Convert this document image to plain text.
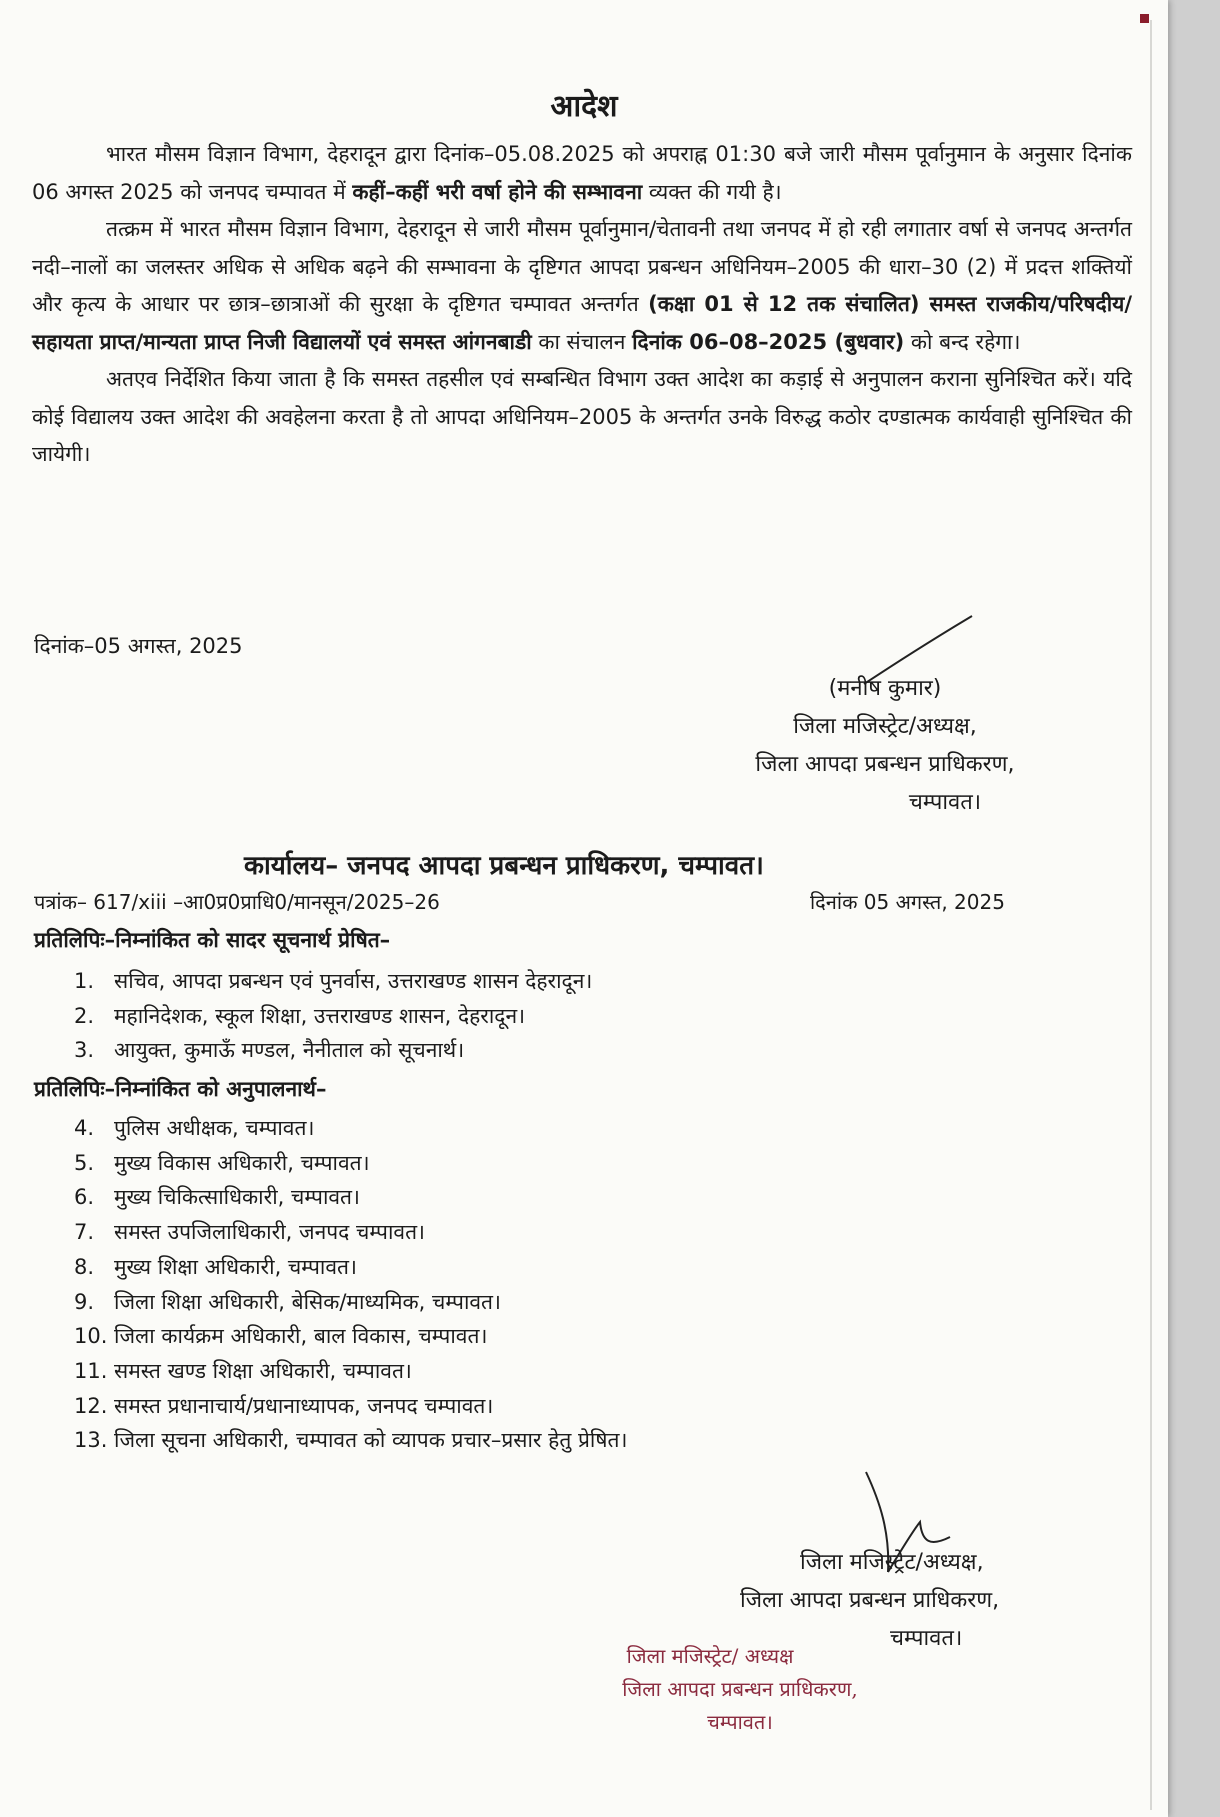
आदेश

भारत मौसम विज्ञान विभाग, देहरादून द्वारा दिनांक–05.08.2025 को अपराह्न 01:30 बजे जारी मौसम पूर्वानुमान के अनुसार दिनांक 06 अगस्त 2025 को जनपद चम्पावत में कहीं–कहीं भरी वर्षा होने की सम्भावना व्यक्त की गयी है।

तत्क्रम में भारत मौसम विज्ञान विभाग, देहरादून से जारी मौसम पूर्वानुमान/चेतावनी तथा जनपद में हो रही लगातार वर्षा से जनपद अन्तर्गत नदी–नालों का जलस्तर अधिक से अधिक बढ़ने की सम्भावना के दृष्टिगत आपदा प्रबन्धन अधिनियम–2005 की धारा–30 (2) में प्रदत्त शक्तियों और कृत्य के आधार पर छात्र–छात्राओं की सुरक्षा के दृष्टिगत चम्पावत अन्तर्गत (कक्षा 01 से 12 तक संचालित) समस्त राजकीय/परिषदीय/सहायता प्राप्त/मान्यता प्राप्त निजी विद्यालयों एवं समस्त आंगनबाडी का संचालन दिनांक 06–08–2025 (बुधवार) को बन्द रहेगा।

अतएव निर्देशित किया जाता है कि समस्त तहसील एवं सम्बन्धित विभाग उक्त आदेश का कड़ाई से अनुपालन कराना सुनिश्चित करें। यदि कोई विद्यालय उक्त आदेश की अवहेलना करता है तो आपदा अधिनियम–2005 के अन्तर्गत उनके विरुद्ध कठोर दण्डात्मक कार्यवाही सुनिश्चित की जायेगी।

दिनांक–05 अगस्त, 2025
(मनीष कुमार)
जिला मजिस्ट्रेट/अध्यक्ष,
जिला आपदा प्रबन्धन प्राधिकरण,
चम्पावत।
कार्यालय– जनपद आपदा प्रबन्धन प्राधिकरण, चम्पावत।
पत्रांक– 617/xiii –आ0प्र0प्राधि0/मानसून/2025–26	दिनांक 05 अगस्त, 2025
प्रतिलिपिः–निम्नांकित को सादर सूचनार्थ प्रेषित–
1. सचिव, आपदा प्रबन्धन एवं पुनर्वास, उत्तराखण्ड शासन देहरादून।
2. महानिदेशक, स्कूल शिक्षा, उत्तराखण्ड शासन, देहरादून।
3. आयुक्त, कुमाऊँ मण्डल, नैनीताल को सूचनार्थ।
प्रतिलिपिः–निम्नांकित को अनुपालनार्थ–
4. पुलिस अधीक्षक, चम्पावत।
5. मुख्य विकास अधिकारी, चम्पावत।
6. मुख्य चिकित्साधिकारी, चम्पावत।
7. समस्त उपजिलाधिकारी, जनपद चम्पावत।
8. मुख्य शिक्षा अधिकारी, चम्पावत।
9. जिला शिक्षा अधिकारी, बेसिक/माध्यमिक, चम्पावत।
10. जिला कार्यक्रम अधिकारी, बाल विकास, चम्पावत।
11. समस्त खण्ड शिक्षा अधिकारी, चम्पावत।
12. समस्त प्रधानाचार्य/प्रधानाध्यापक, जनपद चम्पावत।
13. जिला सूचना अधिकारी, चम्पावत को व्यापक प्रचार–प्रसार हेतु प्रेषित।
जिला मजिस्ट्रेट/अध्यक्ष,
जिला आपदा प्रबन्धन प्राधिकरण,
चम्पावत।
जिला मजिस्ट्रेट/ अध्यक्ष
जिला आपदा प्रबन्धन प्राधिकरण,
चम्पावत।
